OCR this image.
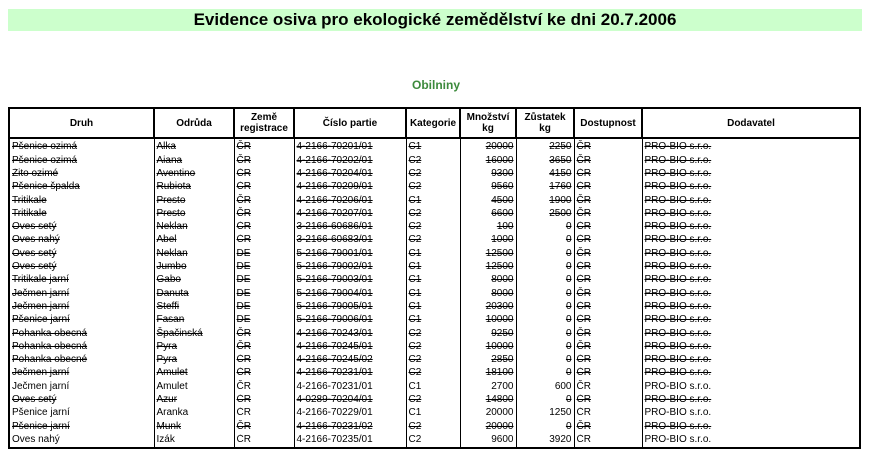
Evidence osiva pro ekologické zemědělství ke dni 20.7.2006
Obilniny
Druh	Odrůda	Země registrace	Číslo partie	Kategorie	Množství kg	Zůstatek kg	Dostupnost	Dodavatel
Pšenice ozimá	Alka	ČR	4-2166-70201/01	C1	20000	2250	ČR	PRO-BIO s.r.o.
Pšenice ozimá	Aiana	ČR	4-2166-70202/01	C2	16000	3650	ČR	PRO-BIO s.r.o.
Žito ozimé	Aventino	ČR	4-2166-70204/01	C2	9300	4150	ČR	PRO-BIO s.r.o.
Pšenice špalda	Rubiota	ČR	4-2166-70209/01	C2	9560	1760	ČR	PRO-BIO s.r.o.
Tritikale	Presto	ČR	4-2166-70206/01	C1	4500	1900	ČR	PRO-BIO s.r.o.
Tritikale	Presto	ČR	4-2166-70207/01	C2	6600	2500	ČR	PRO-BIO s.r.o.
Oves setý	Neklan	ČR	3-2166-60686/01	C2	100	0	ČR	PRO-BIO s.r.o.
Oves nahý	Abel	ČR	3-2166-60683/01	C2	1000	0	ČR	PRO-BIO s.r.o.
Oves setý	Neklan	DE	5-2166-79001/01	C1	12500	0	ČR	PRO-BIO s.r.o.
Oves setý	Jumbo	DE	5-2166-79002/01	C1	12500	0	ČR	PRO-BIO s.r.o.
Tritikale jarní	Gabo	DE	5-2166-79003/01	C1	8000	0	ČR	PRO-BIO s.r.o.
Ječmen jarní	Danuta	DE	5-2166-79004/01	C1	8000	0	ČR	PRO-BIO s.r.o.
Ječmen jarní	Steffi	DE	5-2166-79005/01	C1	20300	0	ČR	PRO-BIO s.r.o.
Pšenice jarní	Fasan	DE	5-2166-79006/01	C1	10000	0	ČR	PRO-BIO s.r.o.
Pohanka obecná	Špačinská	ČR	4-2166-70243/01	C2	9250	0	ČR	PRO-BIO s.r.o.
Pohanka obecná	Pyra	ČR	4-2166-70245/01	C2	10000	0	ČR	PRO-BIO s.r.o.
Pohanka obecné	Pyra	ČR	4-2166-70245/02	C2	2850	0	ČR	PRO-BIO s.r.o.
Ječmen jarní	Amulet	ČR	4-2166-70231/01	C2	18100	0	ČR	PRO-BIO s.r.o.
Ječmen jarní	Amulet	ČR	4-2166-70231/01	C1	2700	600	ČR	PRO-BIO s.r.o.
Oves setý	Azur	ČR	4-0289-70204/01	C2	14800	0	ČR	PRO-BIO s.r.o.
Pšenice jarní	Aranka	ČR	4-2166-70229/01	C1	20000	1250	ČR	PRO-BIO s.r.o.
Pšenice jarní	Munk	ČR	4-2166-70231/02	C2	20000	0	ČR	PRO-BIO s.r.o.
Oves nahý	Izák	ČR	4-2166-70235/01	C2	9600	3920	ČR	PRO-BIO s.r.o.
